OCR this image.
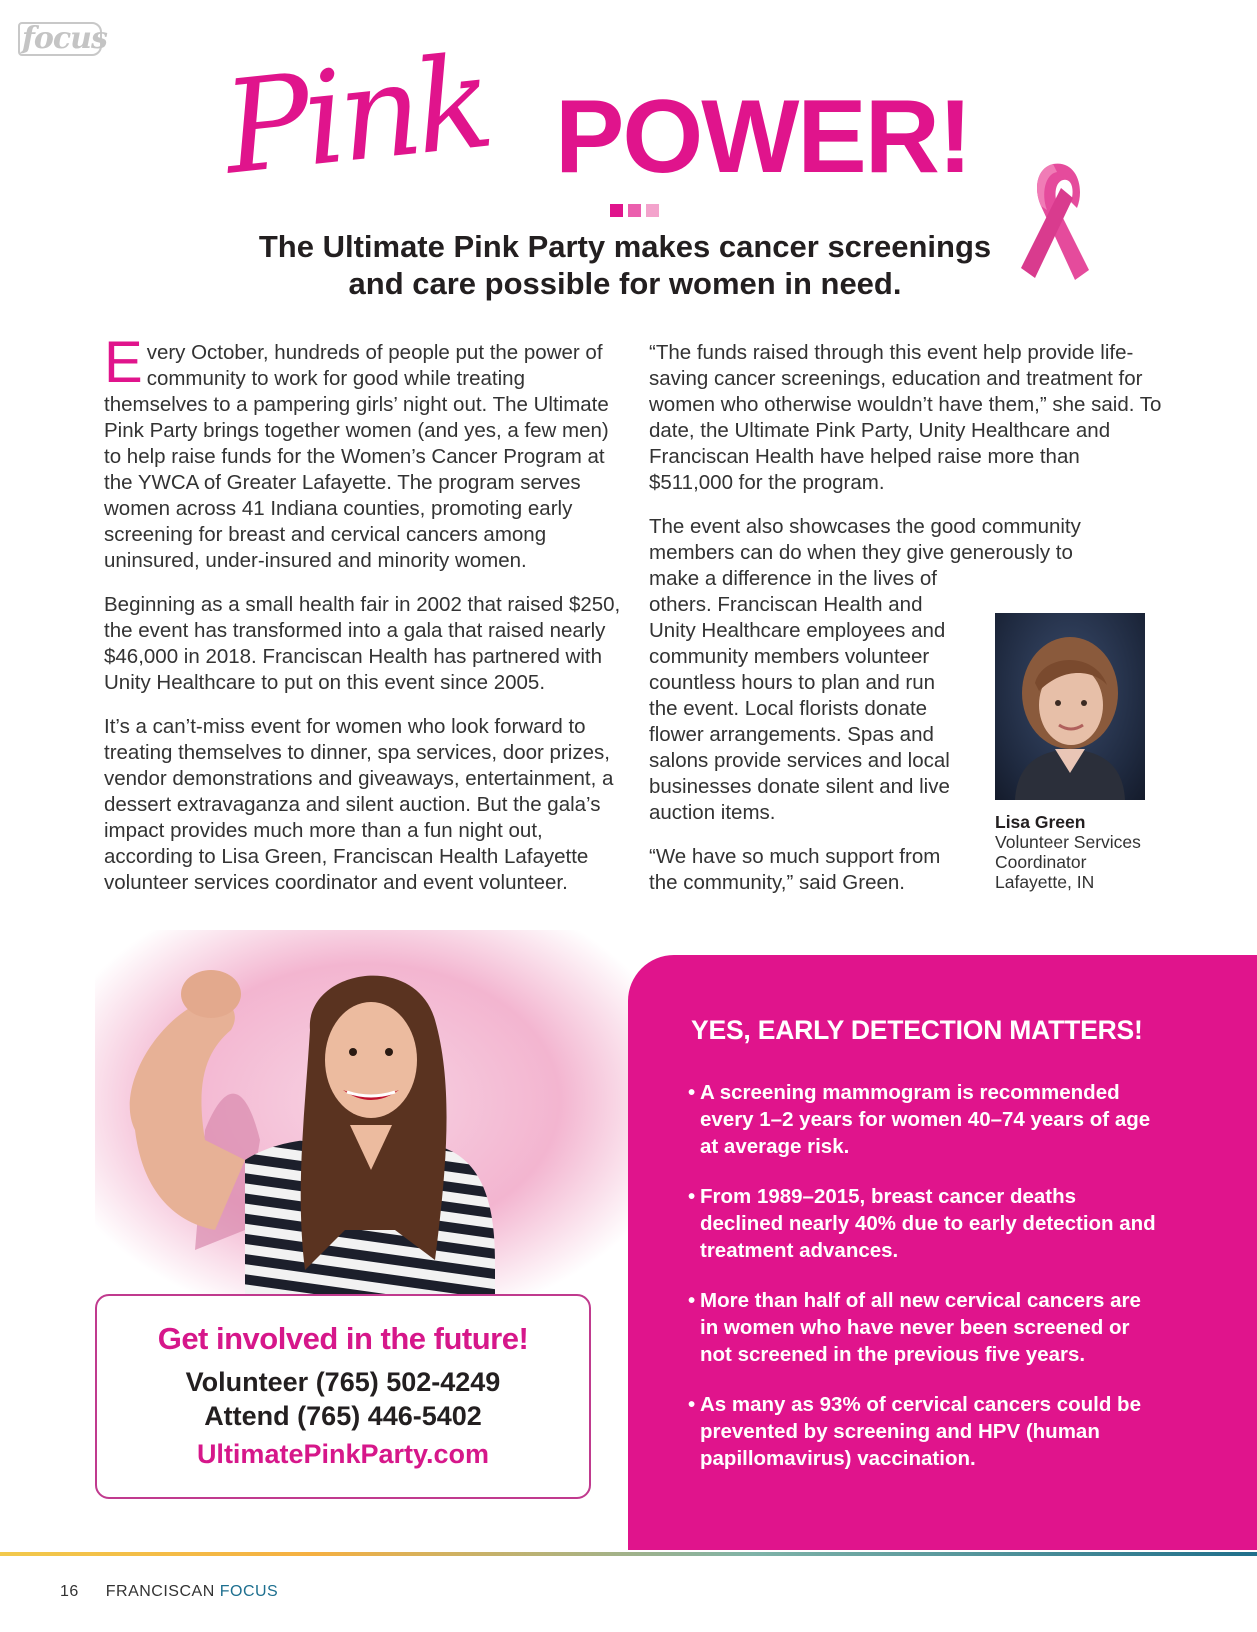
focus Pink POWER!
The Ultimate Pink Party makes cancer screenings
and care possible for women in need.

Every October, hundreds of people put the power of community to work for good while treating themselves to a pampering girls’ night out. The Ultimate Pink Party brings together women (and yes, a few men) to help raise funds for the Women’s Cancer Program at the YWCA of Greater Lafayette. The program serves women across 41 Indiana counties, promoting early screening for breast and cervical cancers among uninsured, under-insured and minority women.

Beginning as a small health fair in 2002 that raised $250, the event has transformed into a gala that raised nearly $46,000 in 2018. Franciscan Health has partnered with Unity Healthcare to put on this event since 2005.

It’s a can’t-miss event for women who look forward to treating themselves to dinner, spa services, door prizes, vendor demonstrations and giveaways, entertainment, a dessert extravaganza and silent auction. But the gala’s impact provides much more than a fun night out, according to Lisa Green, Franciscan Health Lafayette volunteer services coordinator and event volunteer.

“The funds raised through this event help provide life-saving cancer screenings, education and treatment for women who otherwise wouldn’t have them,” she said. To date, the Ultimate Pink Party, Unity Healthcare and Franciscan Health have helped raise more than $511,000 for the program.

The event also showcases the good community
members can do when they give generously to
make a difference in the lives of
others. Franciscan Health and
Unity Healthcare employees and
community members volunteer
countless hours to plan and run
the event. Local florists donate
flower arrangements. Spas and
salons provide services and local
businesses donate silent and live
auction items.

“We have so much support from
the community,” said Green.

Lisa Green
Volunteer Services
Coordinator
Lafayette, IN
YES, EARLY DETECTION MATTERS!
• A screening mammogram is recommended every 1–2 years for women 40–74 years of age at average risk.
• From 1989–2015, breast cancer deaths declined nearly 40% due to early detection and treatment advances.
• More than half of all new cervical cancers are in women who have never been screened or not screened in the previous five years.
• As many as 93% of cervical cancers could be prevented by screening and HPV (human papillomavirus) vaccination.
Get involved in the future!
Volunteer (765) 502-4249
Attend (765) 446-5402
UltimatePinkParty.com
16 FRANCISCAN FOCUS
